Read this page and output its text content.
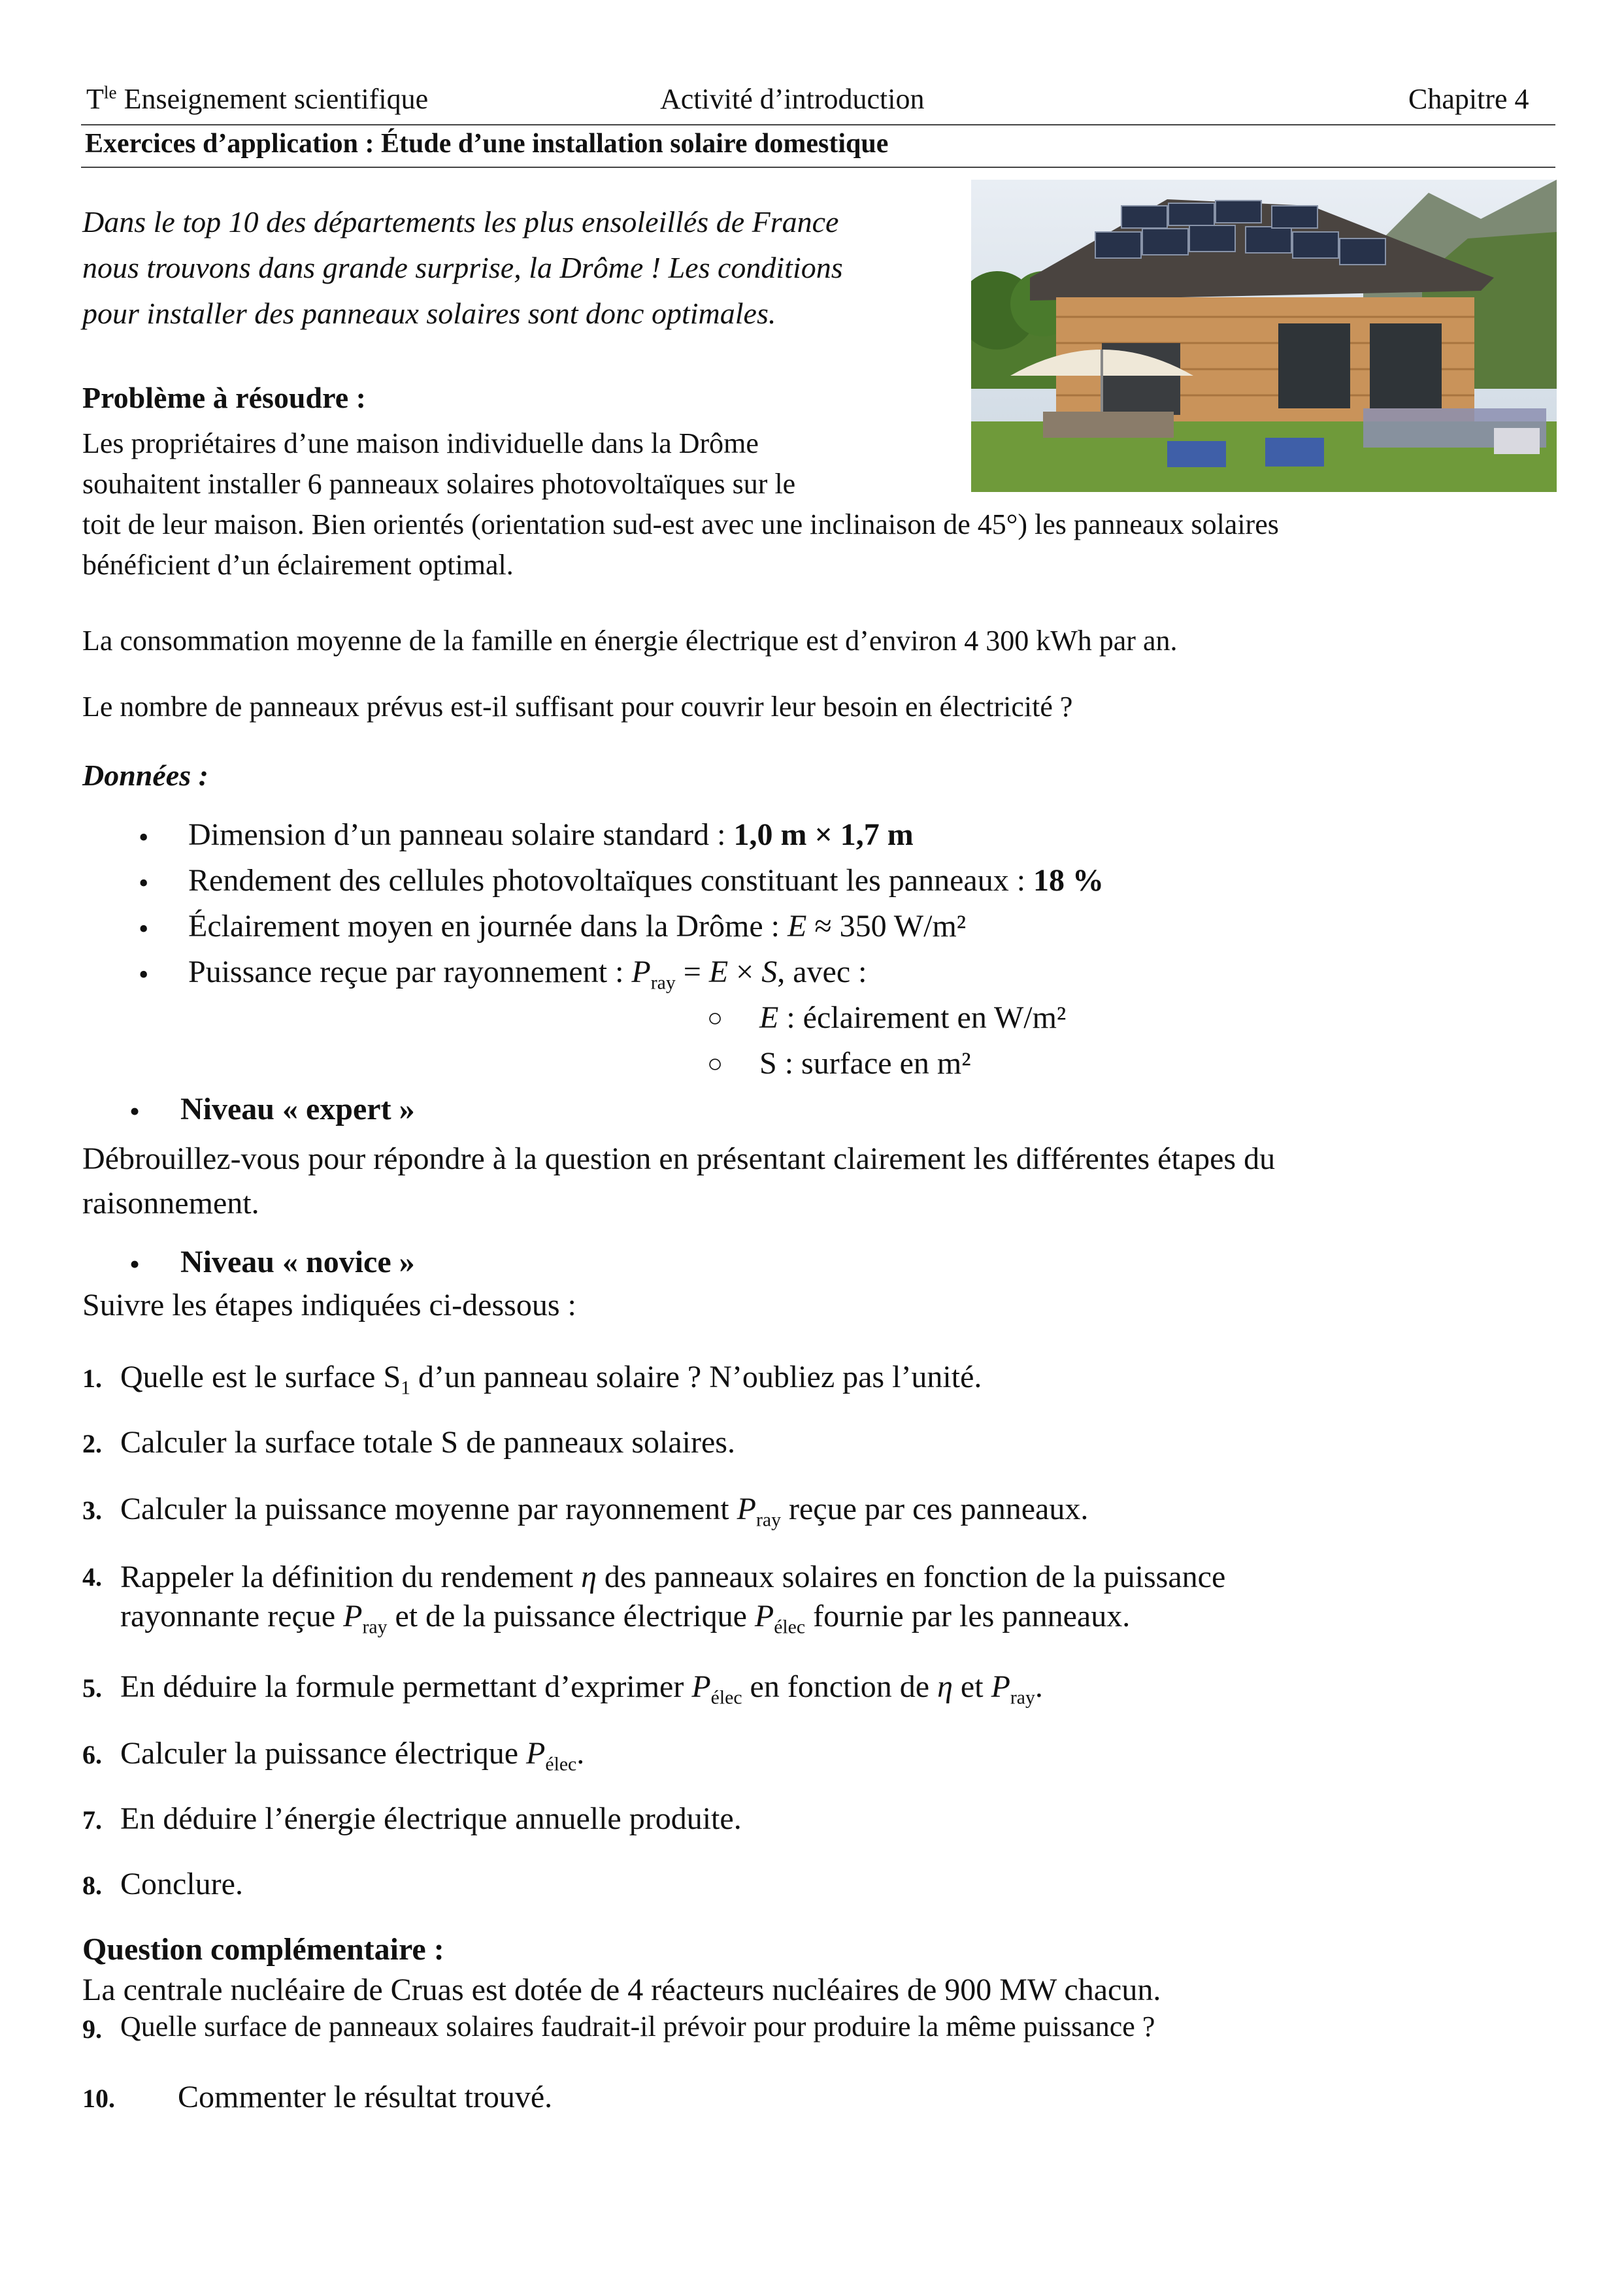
$T^{le}$ Enseignement scientifique	Activité d’introduction	Chapitre 4
Exercices d’application : Étude d’une installation solaire domestique
Dans le top 10 des départements les plus ensoleillés de France
nous trouvons dans grande surprise, la Drôme ! Les conditions
pour installer des panneaux solaires sont donc optimales.
Problème à résoudre :
Les propriétaires d’une maison individuelle dans la Drôme
souhaitent installer 6 panneaux solaires photovoltaïques sur le
toit de leur maison. Bien orientés (orientation sud-est avec une inclinaison de 45°) les panneaux solaires
bénéficient d’un éclairement optimal.
La consommation moyenne de la famille en énergie électrique est d’environ 4 300 kWh par an.
Le nombre de panneaux prévus est-il suffisant pour couvrir leur besoin en électricité ?
Données :
• Dimension d’un panneau solaire standard : 1,0 m × 1,7 m
• Rendement des cellules photovoltaïques constituant les panneaux : 18 %
• Éclairement moyen en journée dans la Drôme : E ≈ 350 W/m²
• Puissance reçue par rayonnement : $P_{ray} = E \times S$, avec :
○ E : éclairement en W/m²
○ S : surface en m²
• Niveau « expert »
Débrouillez-vous pour répondre à la question en présentant clairement les différentes étapes du
raisonnement.
• Niveau « novice »
Suivre les étapes indiquées ci-dessous :
1. Quelle est le surface $S_1$ d’un panneau solaire ? N’oubliez pas l’unité.
2. Calculer la surface totale S de panneaux solaires.
3. Calculer la puissance moyenne par rayonnement $P_{ray}$ reçue par ces panneaux.
4. Rappeler la définition du rendement η des panneaux solaires en fonction de la puissance
rayonnante reçue $P_{ray}$ et de la puissance électrique $P_{élec}$ fournie par les panneaux.
5. En déduire la formule permettant d’exprimer $P_{élec}$ en fonction de η et $P_{ray}$.
6. Calculer la puissance électrique $P_{élec}$.
7. En déduire l’énergie électrique annuelle produite.
8. Conclure.
Question complémentaire :
La centrale nucléaire de Cruas est dotée de 4 réacteurs nucléaires de 900 MW chacun.
9. Quelle surface de panneaux solaires faudrait-il prévoir pour produire la même puissance ?
10. Commenter le résultat trouvé.
